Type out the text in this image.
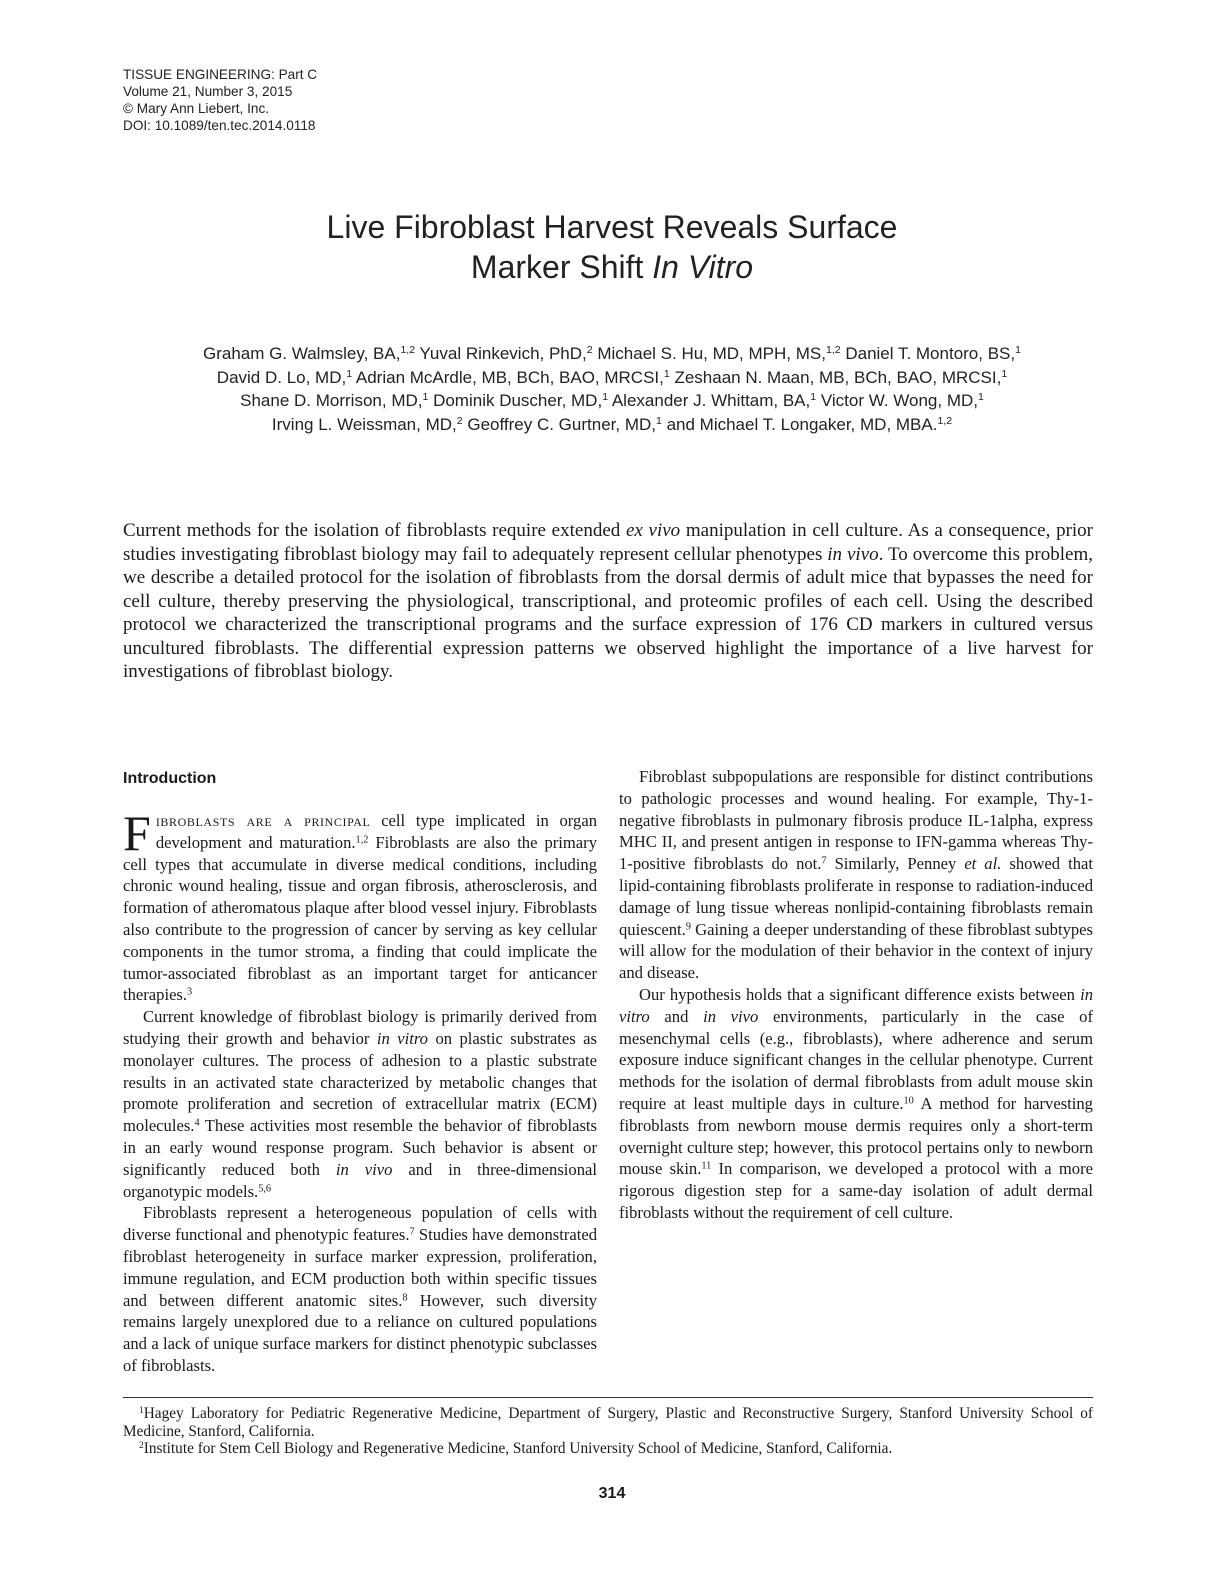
TISSUE ENGINEERING: Part C
Volume 21, Number 3, 2015
© Mary Ann Liebert, Inc.
DOI: 10.1089/ten.tec.2014.0118
Live Fibroblast Harvest Reveals Surface
Marker Shift In Vitro
Graham G. Walmsley, BA,$^{1,2}$ Yuval Rinkevich, PhD,$^2$ Michael S. Hu, MD, MPH, MS,$^{1,2}$ Daniel T. Montoro, BS,$^1$
David D. Lo, MD,$^1$ Adrian McArdle, MB, BCh, BAO, MRCSI,$^1$ Zeshaan N. Maan, MB, BCh, BAO, MRCSI,$^1$
Shane D. Morrison, MD,$^1$ Dominik Duscher, MD,$^1$ Alexander J. Whittam, BA,$^1$ Victor W. Wong, MD,$^1$
Irving L. Weissman, MD,$^2$ Geoffrey C. Gurtner, MD,$^1$ and Michael T. Longaker, MD, MBA.$^{1,2}$
Current methods for the isolation of fibroblasts require extended ex vivo manipulation in cell culture. As a consequence, prior studies investigating fibroblast biology may fail to adequately represent cellular phenotypes in vivo. To overcome this problem, we describe a detailed protocol for the isolation of fibroblasts from the dorsal dermis of adult mice that bypasses the need for cell culture, thereby preserving the physiological, transcriptional, and proteomic profiles of each cell. Using the described protocol we characterized the transcriptional programs and the surface expression of 176 CD markers in cultured versus uncultured fibroblasts. The differential expression patterns we observed highlight the importance of a live harvest for investigations of fibroblast biology.
Introduction

Fibroblasts are a principal cell type implicated in organ development and maturation.$^{1,2}$ Fibroblasts are also the primary cell types that accumulate in diverse medical conditions, including chronic wound healing, tissue and organ fibrosis, atherosclerosis, and formation of atheromatous plaque after blood vessel injury. Fibroblasts also contribute to the progression of cancer by serving as key cellular components in the tumor stroma, a finding that could implicate the tumor-associated fibroblast as an important target for anticancer therapies.$^3$

Current knowledge of fibroblast biology is primarily derived from studying their growth and behavior in vitro on plastic substrates as monolayer cultures. The process of adhesion to a plastic substrate results in an activated state characterized by metabolic changes that promote proliferation and secretion of extracellular matrix (ECM) molecules.$^4$ These activities most resemble the behavior of fibroblasts in an early wound response program. Such behavior is absent or significantly reduced both in vivo and in three-dimensional organotypic models.$^{5,6}$

Fibroblasts represent a heterogeneous population of cells with diverse functional and phenotypic features.$^7$ Studies have demonstrated fibroblast heterogeneity in surface marker expression, proliferation, immune regulation, and ECM production both within specific tissues and between different anatomic sites.$^8$ However, such diversity remains largely unexplored due to a reliance on cultured populations and a lack of unique surface markers for distinct phenotypic subclasses of fibroblasts.

Fibroblast subpopulations are responsible for distinct contributions to pathologic processes and wound healing. For example, Thy-1-negative fibroblasts in pulmonary fibrosis produce IL-1alpha, express MHC II, and present antigen in response to IFN-gamma whereas Thy-1-positive fibroblasts do not.$^7$ Similarly, Penney et al. showed that lipid-containing fibroblasts proliferate in response to radiation-induced damage of lung tissue whereas nonlipid-containing fibroblasts remain quiescent.$^9$ Gaining a deeper understanding of these fibroblast subtypes will allow for the modulation of their behavior in the context of injury and disease.

Our hypothesis holds that a significant difference exists between in vitro and in vivo environments, particularly in the case of mesenchymal cells (e.g., fibroblasts), where adherence and serum exposure induce significant changes in the cellular phenotype. Current methods for the isolation of dermal fibroblasts from adult mouse skin require at least multiple days in culture.$^{10}$ A method for harvesting fibroblasts from newborn mouse dermis requires only a short-term overnight culture step; however, this protocol pertains only to newborn mouse skin.$^{11}$ In comparison, we developed a protocol with a more rigorous digestion step for a same-day isolation of adult dermal fibroblasts without the requirement of cell culture.

$^1$Hagey Laboratory for Pediatric Regenerative Medicine, Department of Surgery, Plastic and Reconstructive Surgery, Stanford University School of Medicine, Stanford, California.

$^2$Institute for Stem Cell Biology and Regenerative Medicine, Stanford University School of Medicine, Stanford, California.

314
